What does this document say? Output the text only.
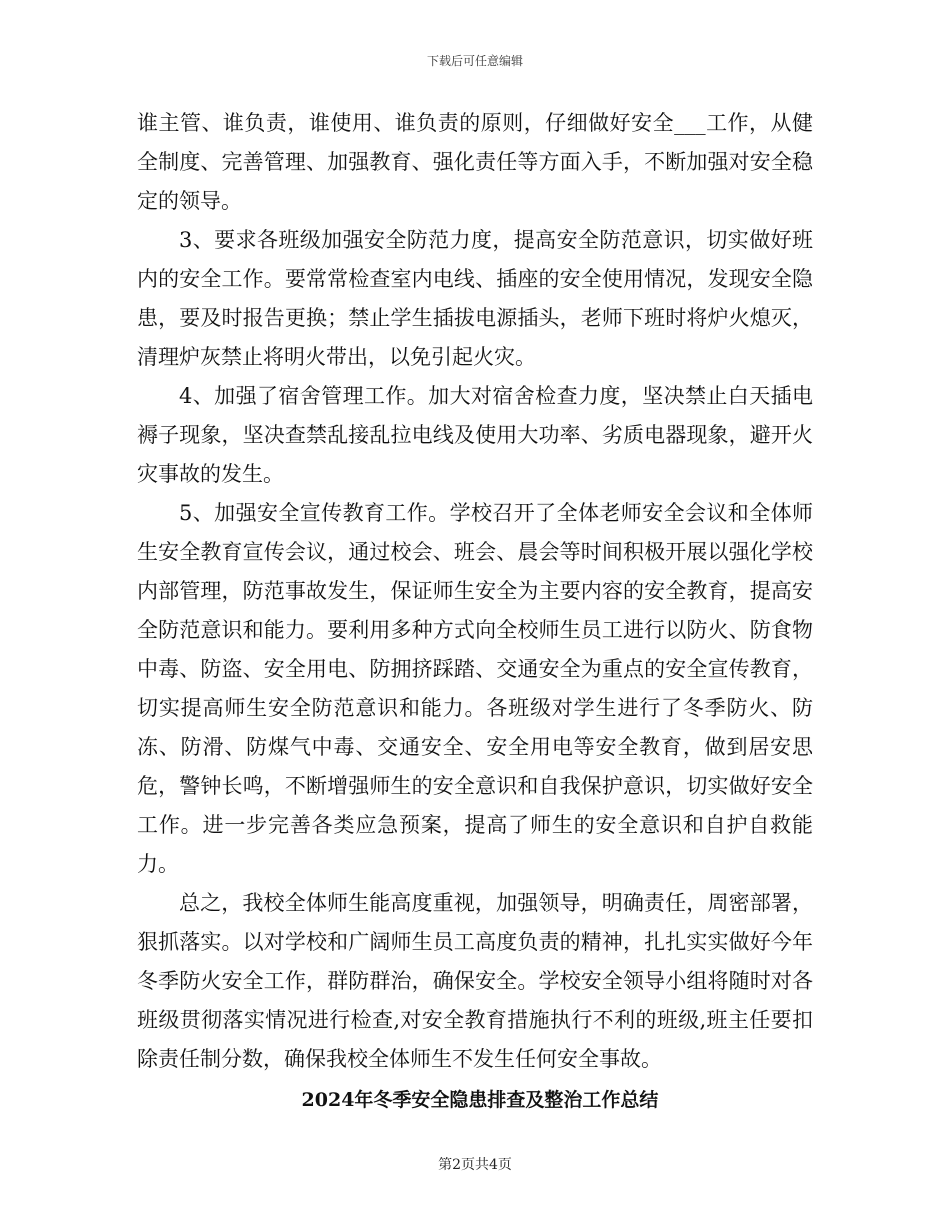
下载后可任意编辑

谁主管、谁负责，谁使用、谁负责的原则，仔细做好安全___工作，从健全制度、完善管理、加强教育、强化责任等方面入手，不断加强对安全稳定的领导。

3、要求各班级加强安全防范力度，提高安全防范意识，切实做好班内的安全工作。要常常检查室内电线、插座的安全使用情况，发现安全隐患，要及时报告更换；禁止学生插拔电源插头，老师下班时将炉火熄灭，清理炉灰禁止将明火带出，以免引起火灾。

4、加强了宿舍管理工作。加大对宿舍检查力度，坚决禁止白天插电褥子现象，坚决查禁乱接乱拉电线及使用大功率、劣质电器现象，避开火灾事故的发生。

5、加强安全宣传教育工作。学校召开了全体老师安全会议和全体师生安全教育宣传会议，通过校会、班会、晨会等时间积极开展以强化学校内部管理，防范事故发生，保证师生安全为主要内容的安全教育，提高安全防范意识和能力。要利用多种方式向全校师生员工进行以防火、防食物中毒、防盗、安全用电、防拥挤踩踏、交通安全为重点的安全宣传教育，切实提高师生安全防范意识和能力。各班级对学生进行了冬季防火、防冻、防滑、防煤气中毒、交通安全、安全用电等安全教育，做到居安思危，警钟长鸣，不断增强师生的安全意识和自我保护意识，切实做好安全工作。进一步完善各类应急预案，提高了师生的安全意识和自护自救能力。

总之，我校全体师生能高度重视，加强领导，明确责任，周密部署，狠抓落实。以对学校和广阔师生员工高度负责的精神，扎扎实实做好今年冬季防火安全工作，群防群治，确保安全。学校安全领导小组将随时对各班级贯彻落实情况进行检查,对安全教育措施执行不利的班级,班主任要扣除责任制分数，确保我校全体师生不发生任何安全事故。

2024年冬季安全隐患排查及整治工作总结
第2页共4页
